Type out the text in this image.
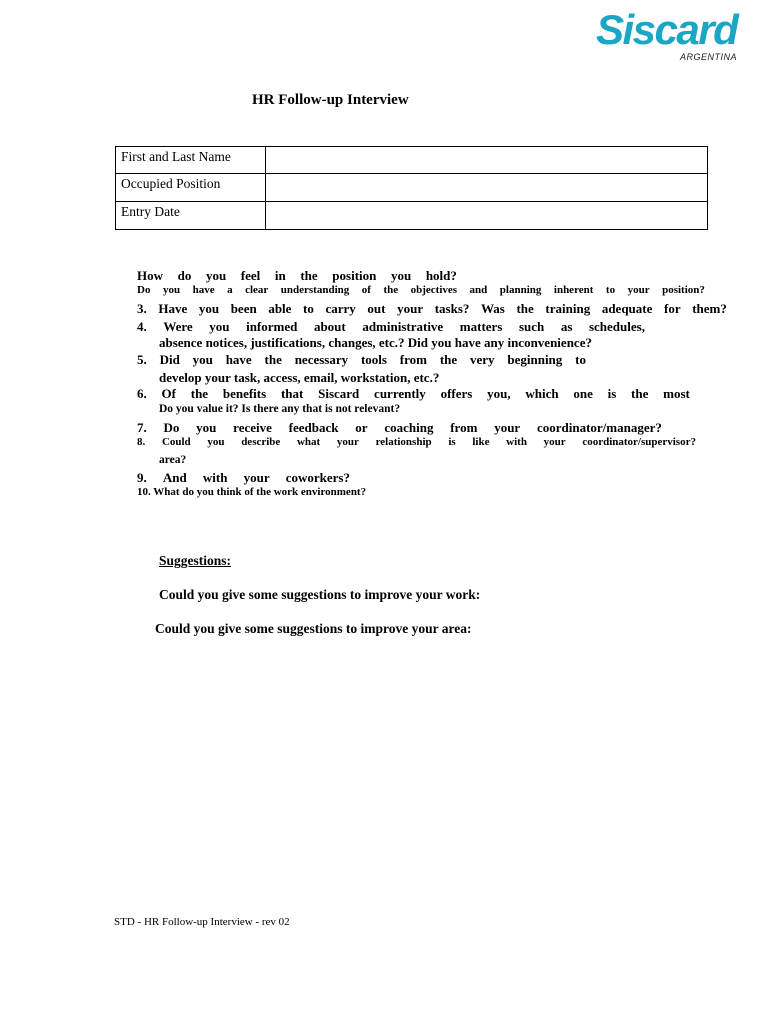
Siscard
ARGENTINA
HR Follow-up Interview
First and Last Name	
Occupied Position	
Entry Date	
How do you feel in the position you hold?
Do you have a clear understanding of the objectives and planning inherent to your position?
3. Have you been able to carry out your tasks? Was the training adequate for them?
4. Were you informed about administrative matters such as schedules,
absence notices, justifications, changes, etc.? Did you have any inconvenience?
5. Did you have the necessary tools from the very beginning to
develop your task, access, email, workstation, etc.?
6. Of the benefits that Siscard currently offers you, which one is the most
Do you value it? Is there any that is not relevant?
7. Do you receive feedback or coaching from your coordinator/manager?
8. Could you describe what your relationship is like with your coordinator/supervisor?
area?
9. And with your coworkers?
10. What do you think of the work environment?
Suggestions:
Could you give some suggestions to improve your work:
Could you give some suggestions to improve your area:
STD - HR Follow-up Interview - rev 02
